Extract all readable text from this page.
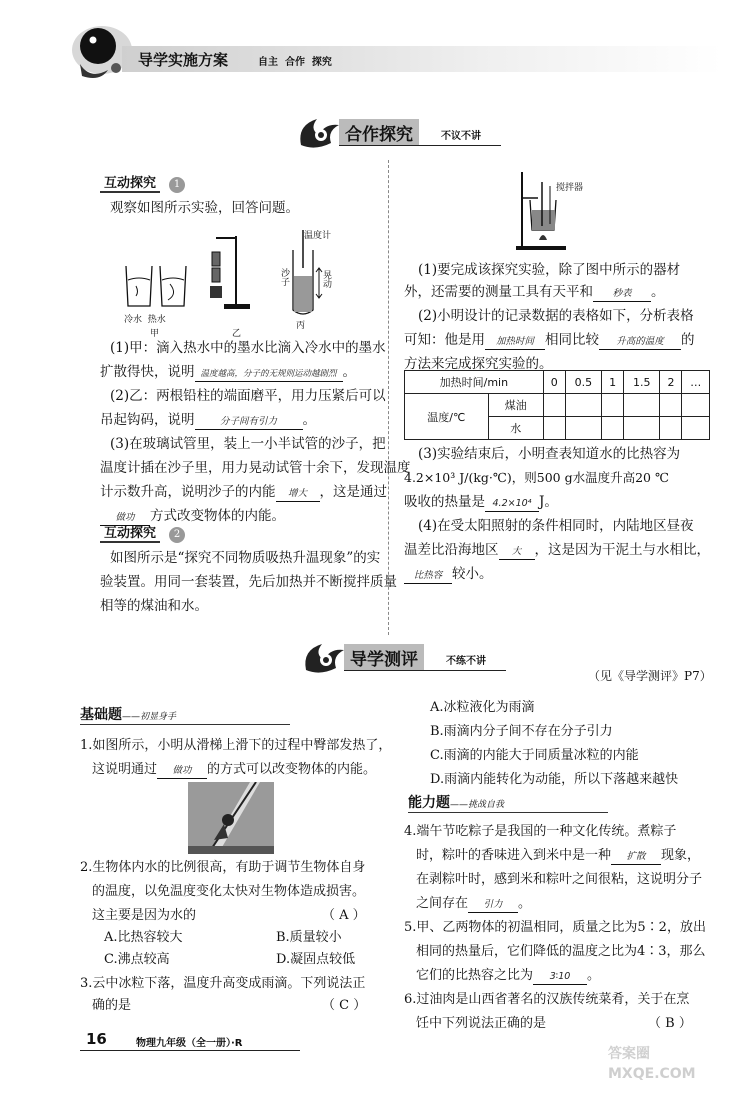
导学实施方案	自主  合作  探究
合作探究	不议不讲
互动探究 1
观察如图所示实验，回答问题。
冷水  热水
甲	乙
温度计
沙子	晃动
丙
(1)甲：滴入热水中的墨水比滴入冷水中的墨水
扩散得快，说明 温度越高，分子的无规则运动越剧烈 。
(2)乙：两根铅柱的端面磨平，用力压紧后可以
吊起钩码，说明	分子间有引力 。
(3)在玻璃试管里，装上一小半试管的沙子，把
温度计插在沙子里，用力晃动试管十余下，发现温度
计示数升高，说明沙子的内能 增大 ，这是通过
做功 方式改变物体的内能。
互动探究 2
如图所示是“探究不同物质吸热升温现象”的实
验装置。用同一套装置，先后加热并不断搅拌质量
相等的煤油和水。
搅拌器
(1)要完成该探究实验，除了图中所示的器材
外，还需要的测量工具有天平和 秒表 。
(2)小明设计的记录数据的表格如下，分析表格
可知：他是用 加热时间 相同比较 升高的温度 的
方法来完成探究实验的。
加热时间/min		0	0.5	1	1.5	2	…
温度/℃	煤油						
	水						
(3)实验结束后，小明查表知道水的比热容为
4.2×10³ J/(kg·℃)，则500 g水温度升高20 ℃
吸收的热量是 4.2×10⁴ J。
(4)在受太阳照射的条件相同时，内陆地区昼夜
温差比沿海地区 大 ，这是因为干泥土与水相比，
比热容 较小。
导学测评	不练不讲
（见《导学测评》P7）
基础题——初显身手
1.如图所示，小明从滑梯上滑下的过程中臀部发热了，
这说明通过 做功 的方式可以改变物体的内能。
2.生物体内水的比例很高，有助于调节生物体自身
的温度，以免温度变化太快对生物体造成损害。
这主要是因为水的	（ A ）
A.比热容较大	B.质量较小
C.沸点较高	D.凝固点较低
3.云中冰粒下落，温度升高变成雨滴。下列说法正
确的是	（ C ）
A.冰粒液化为雨滴
B.雨滴内分子间不存在分子引力
C.雨滴的内能大于同质量冰粒的内能
D.雨滴内能转化为动能，所以下落越来越快
能力题——挑战自我
4.端午节吃粽子是我国的一种文化传统。煮粽子
时，粽叶的香味进入到米中是一种 扩散 现象，
在剥粽叶时，感到米和粽叶之间很粘，这说明分子
之间存在 引力 。
5.甲、乙两物体的初温相同，质量之比为5∶2，放出
相同的热量后，它们降低的温度之比为4∶3，那么
它们的比热容之比为 3∶10 。
6.过油肉是山西省著名的汉族传统菜肴，关于在烹
饪中下列说法正确的是	（ B ）
16	物理九年级（全一册）·R
答案圈 MXQE.COM
